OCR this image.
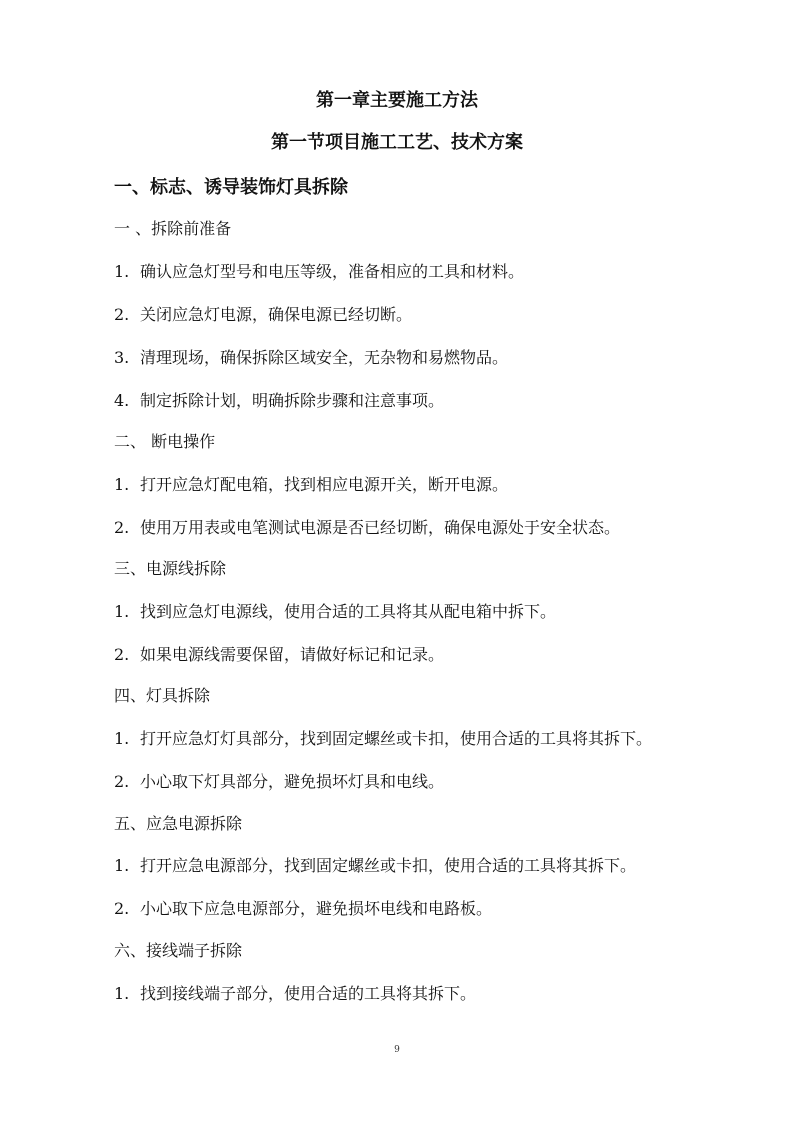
第一章主要施工方法
第一节项目施工工艺、技术方案
一、标志、诱导装饰灯具拆除
一 、拆除前准备
1. 确认应急灯型号和电压等级，准备相应的工具和材料。
2. 关闭应急灯电源，确保电源已经切断。
3. 清理现场，确保拆除区域安全，无杂物和易燃物品。
4. 制定拆除计划，明确拆除步骤和注意事项。
二、 断电操作
1. 打开应急灯配电箱，找到相应电源开关，断开电源。
2. 使用万用表或电笔测试电源是否已经切断，确保电源处于安全状态。
三、电源线拆除
1. 找到应急灯电源线，使用合适的工具将其从配电箱中拆下。
2. 如果电源线需要保留，请做好标记和记录。
四、灯具拆除
1. 打开应急灯灯具部分，找到固定螺丝或卡扣，使用合适的工具将其拆下。
2. 小心取下灯具部分，避免损坏灯具和电线。
五、应急电源拆除
1. 打开应急电源部分，找到固定螺丝或卡扣，使用合适的工具将其拆下。
2. 小心取下应急电源部分，避免损坏电线和电路板。
六、接线端子拆除
1. 找到接线端子部分，使用合适的工具将其拆下。
9
